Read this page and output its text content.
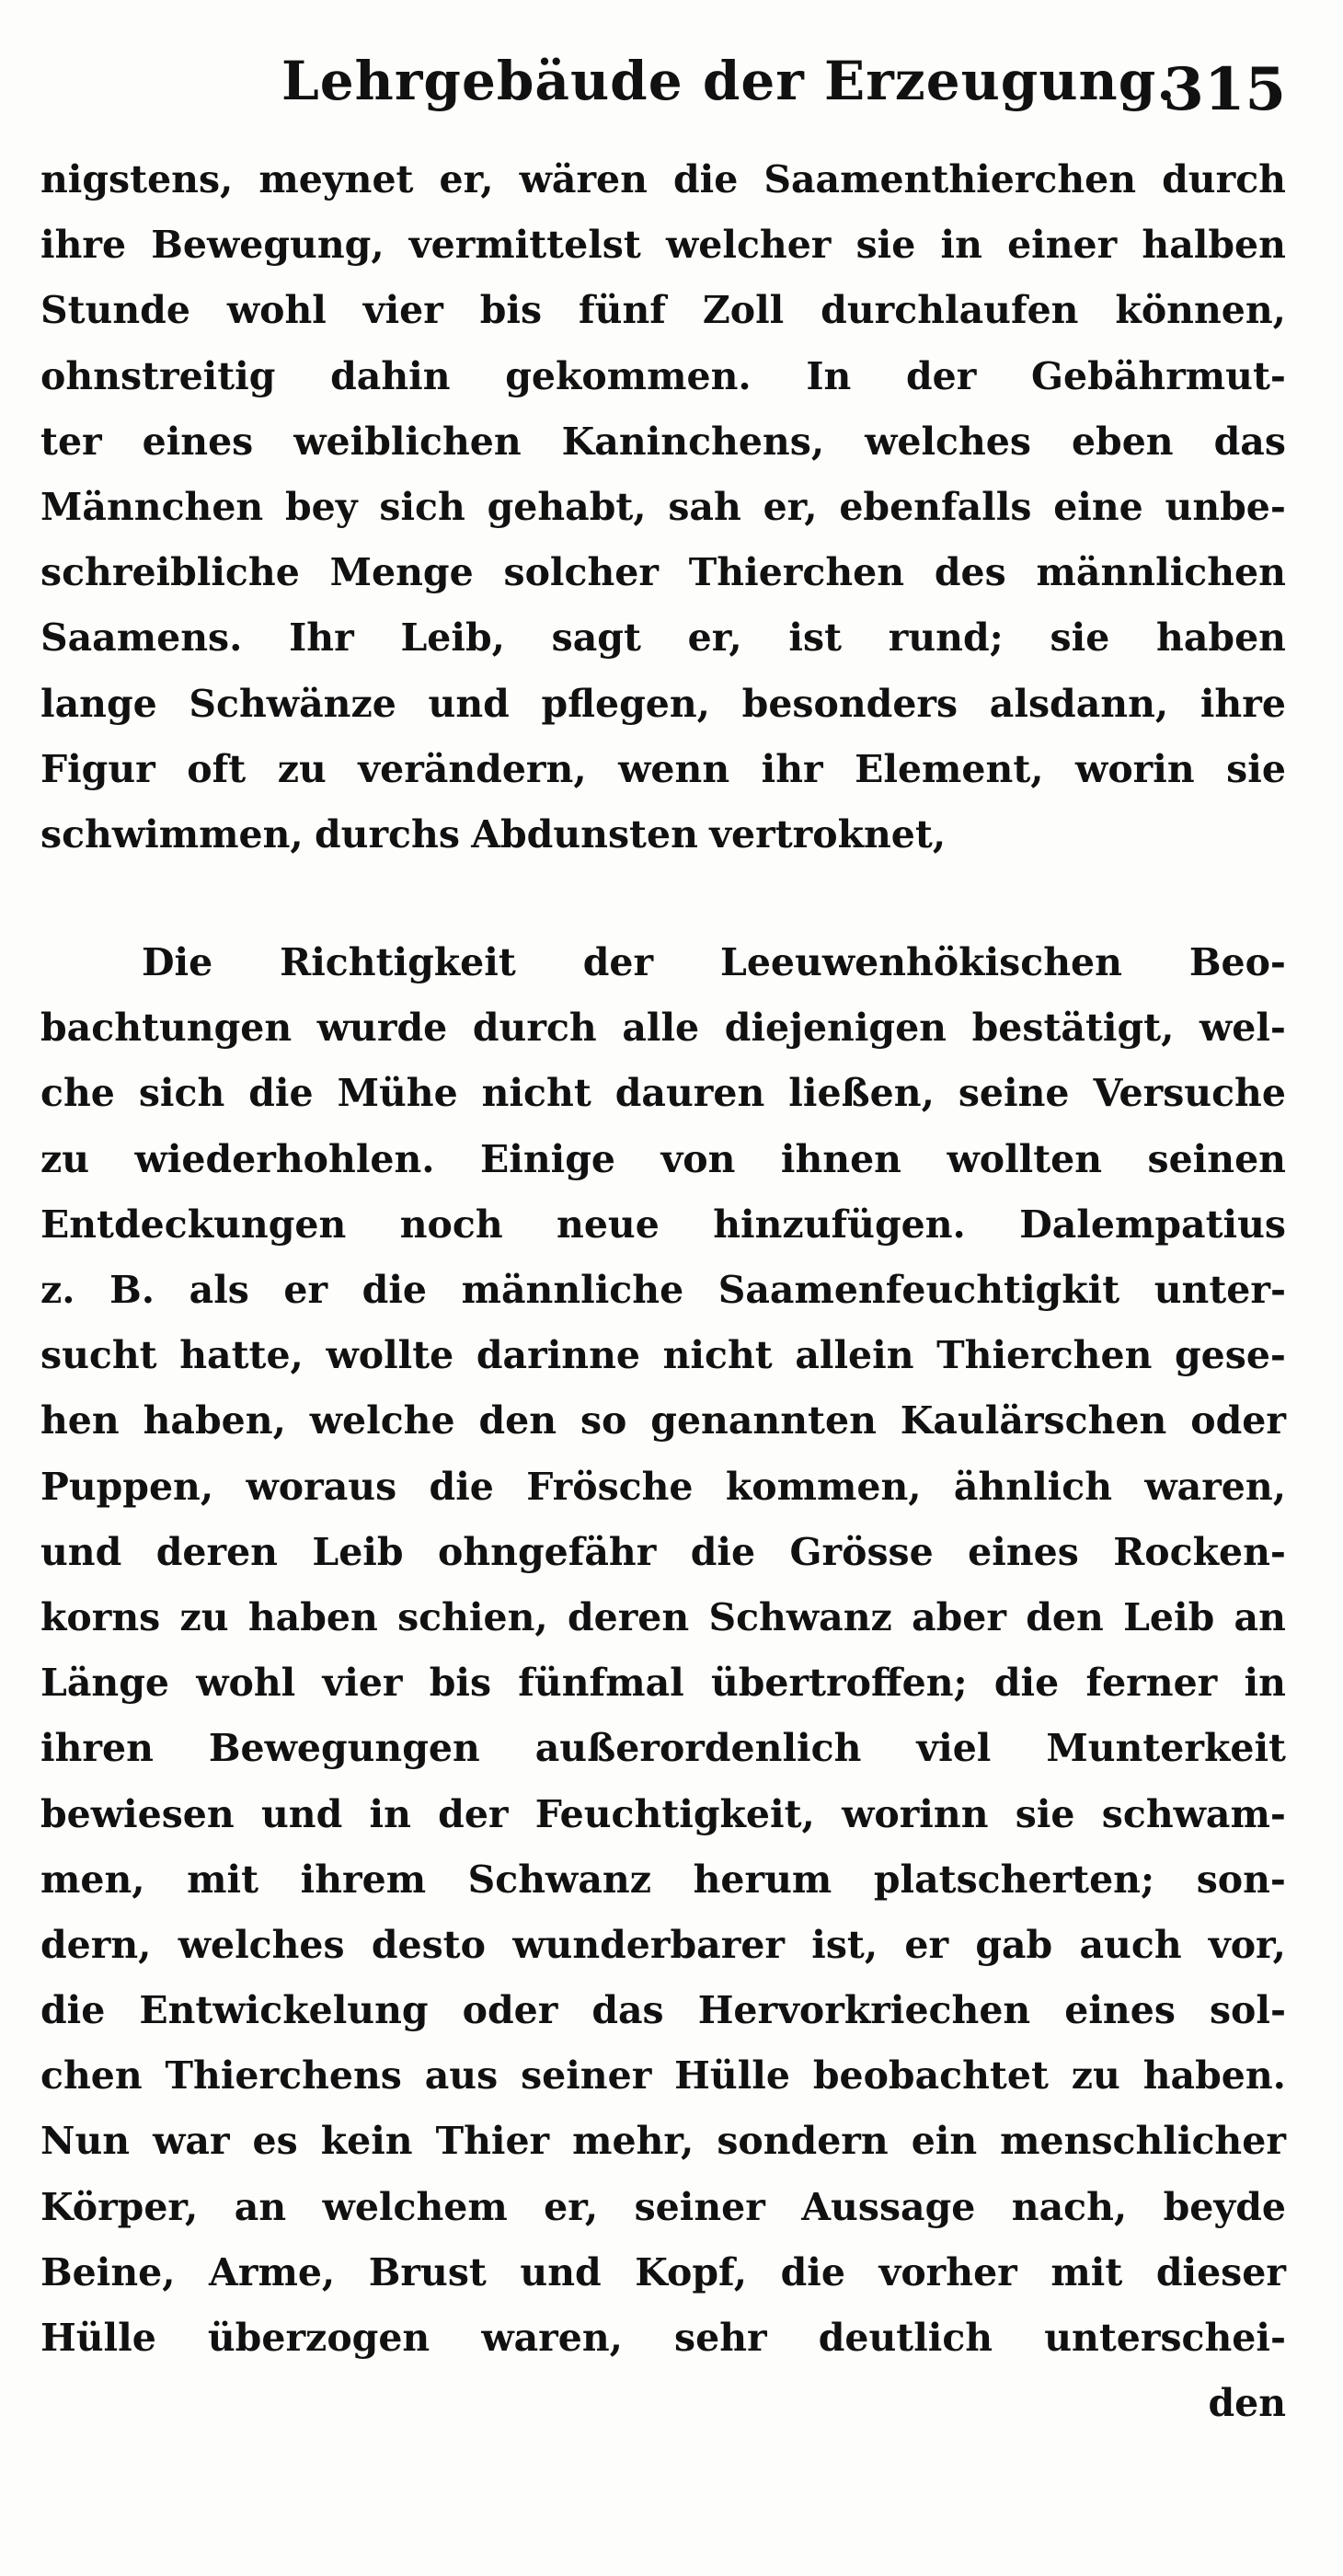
Lehrgebäude der Erzeugung.
315
nigstens, meynet er, wären die Saamenthierchen durch
ihre Bewegung, vermittelst welcher sie in einer halben
Stunde wohl vier bis fünf Zoll durchlaufen können,
ohnstreitig dahin gekommen. In der Gebährmut-
ter eines weiblichen Kaninchens, welches eben das
Männchen bey sich gehabt, sah er, ebenfalls eine unbe-
schreibliche Menge solcher Thierchen des männlichen
Saamens. Ihr Leib, sagt er, ist rund; sie haben
lange Schwänze und pflegen, besonders alsdann, ihre
Figur oft zu verändern, wenn ihr Element, worin sie
schwimmen, durchs Abdunsten vertroknet,
Die Richtigkeit der Leeuwenhökischen Beo-
bachtungen wurde durch alle diejenigen bestätigt, wel-
che sich die Mühe nicht dauren ließen, seine Versuche
zu wiederhohlen. Einige von ihnen wollten seinen
Entdeckungen noch neue hinzufügen. Dalempatius
z. B. als er die männliche Saamenfeuchtigkit unter-
sucht hatte, wollte darinne nicht allein Thierchen gese-
hen haben, welche den so genannten Kaulärschen oder
Puppen, woraus die Frösche kommen, ähnlich waren,
und deren Leib ohngefähr die Grösse eines Rocken-
korns zu haben schien, deren Schwanz aber den Leib an
Länge wohl vier bis fünfmal übertroffen; die ferner in
ihren Bewegungen außerordenlich viel Munterkeit
bewiesen und in der Feuchtigkeit, worinn sie schwam-
men, mit ihrem Schwanz herum platscherten; son-
dern, welches desto wunderbarer ist, er gab auch vor,
die Entwickelung oder das Hervorkriechen eines sol-
chen Thierchens aus seiner Hülle beobachtet zu haben.
Nun war es kein Thier mehr, sondern ein menschlicher
Körper, an welchem er, seiner Aussage nach, beyde
Beine, Arme, Brust und Kopf, die vorher mit dieser
Hülle überzogen waren, sehr deutlich unterschei-
den
